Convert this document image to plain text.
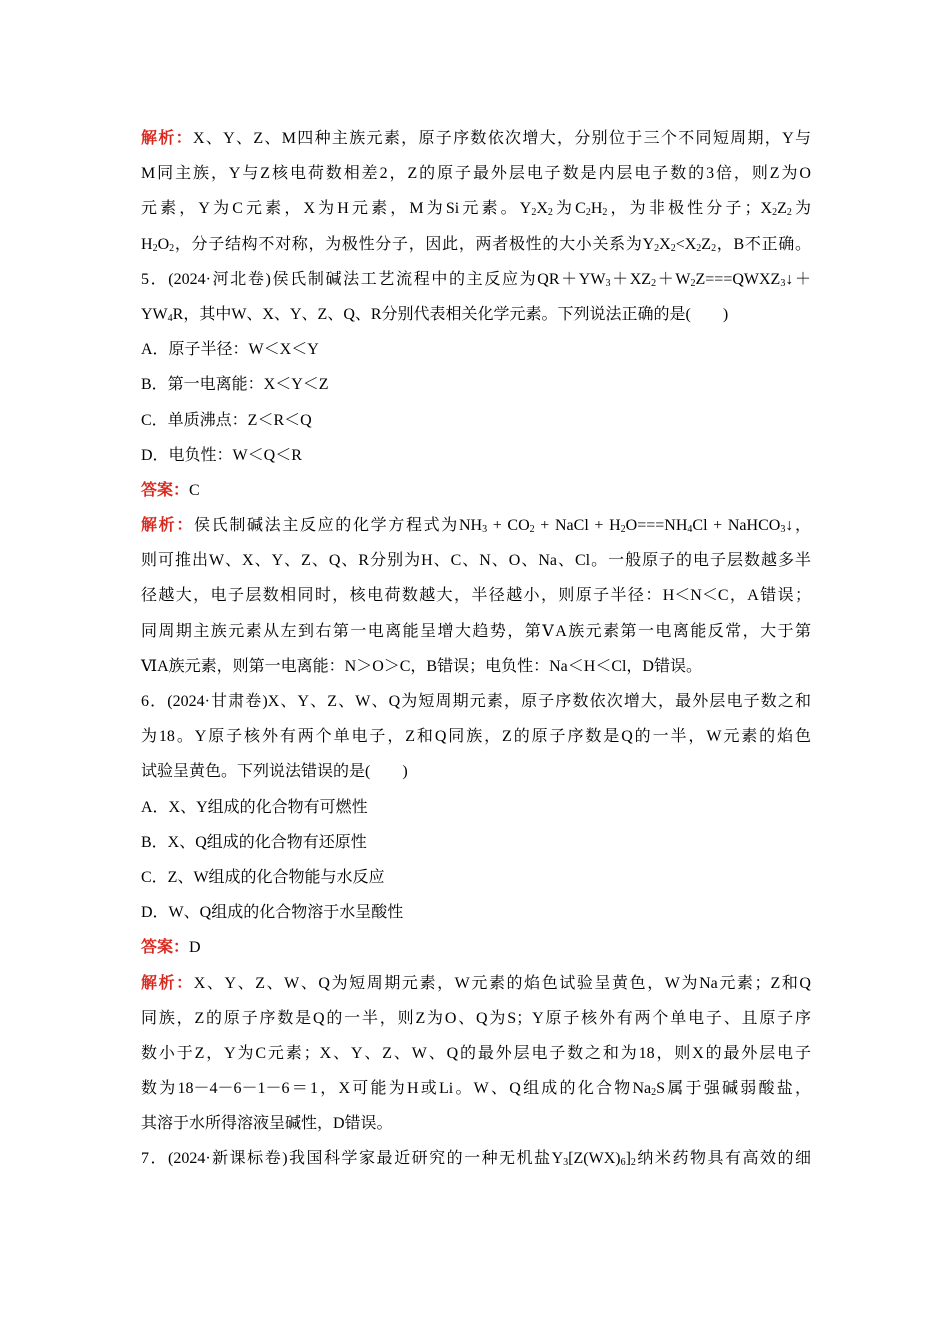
解析：X、Y、Z、M四种主族元素，原子序数依次增大，分别位于三个不同短周期，Y与
M同主族，Y与Z核电荷数相差2，Z的原子最外层电子数是内层电子数的3倍，则Z为O
元素，Y为C元素，X为H元素，M为Si元素。$Y_2X_2$为$C_2H_2$，为非极性分子；$X_2Z_2$为
$H_2O_2$，分子结构不对称，为极性分子，因此，两者极性的大小关系为$Y_2X_2<X_2Z_2$，B不正确。
5．(2024·河北卷)侯氏制碱法工艺流程中的主反应为$QR+YW_3+XZ_2+W_2Z===QWXZ_3↓+$
$YW_4R$，其中W、X、Y、Z、Q、R分别代表相关化学元素。下列说法正确的是(　　)
A．原子半径：W＜X＜Y
B．第一电离能：X＜Y＜Z
C．单质沸点：Z＜R＜Q
D．电负性：W＜Q＜R
答案：C
解析：侯氏制碱法主反应的化学方程式为$NH_3 + CO_2$ + NaCl + $H_2O===NH_4Cl$ + NaHCO$_3$↓，
则可推出W、X、Y、Z、Q、R分别为H、C、N、O、Na、Cl。一般原子的电子层数越多半
径越大，电子层数相同时，核电荷数越大，半径越小，则原子半径：H＜N＜C，A错误；
同周期主族元素从左到右第一电离能呈增大趋势，第ⅤA族元素第一电离能反常，大于第
ⅥA族元素，则第一电离能：N＞O＞C，B错误；电负性：Na＜H＜Cl，D错误。
6．(2024·甘肃卷)X、Y、Z、W、Q为短周期元素，原子序数依次增大，最外层电子数之和
为18。Y原子核外有两个单电子，Z和Q同族，Z的原子序数是Q的一半，W元素的焰色
试验呈黄色。下列说法错误的是(　　)
A．X、Y组成的化合物有可燃性
B．X、Q组成的化合物有还原性
C．Z、W组成的化合物能与水反应
D．W、Q组成的化合物溶于水呈酸性
答案：D
解析：X、Y、Z、W、Q为短周期元素，W元素的焰色试验呈黄色，W为Na元素；Z和Q
同族，Z的原子序数是Q的一半，则Z为O、Q为S；Y原子核外有两个单电子、且原子序
数小于Z，Y为C元素；X、Y、Z、W、Q的最外层电子数之和为18，则X的最外层电子
数为18－4－6－1－6＝1，X可能为H或Li。W、Q组成的化合物$Na_2S$属于强碱弱酸盐，
其溶于水所得溶液呈碱性，D错误。
7．(2024·新课标卷)我国科学家最近研究的一种无机盐$Y_3[Z(WX)_6]_2$纳米药物具有高效的细
